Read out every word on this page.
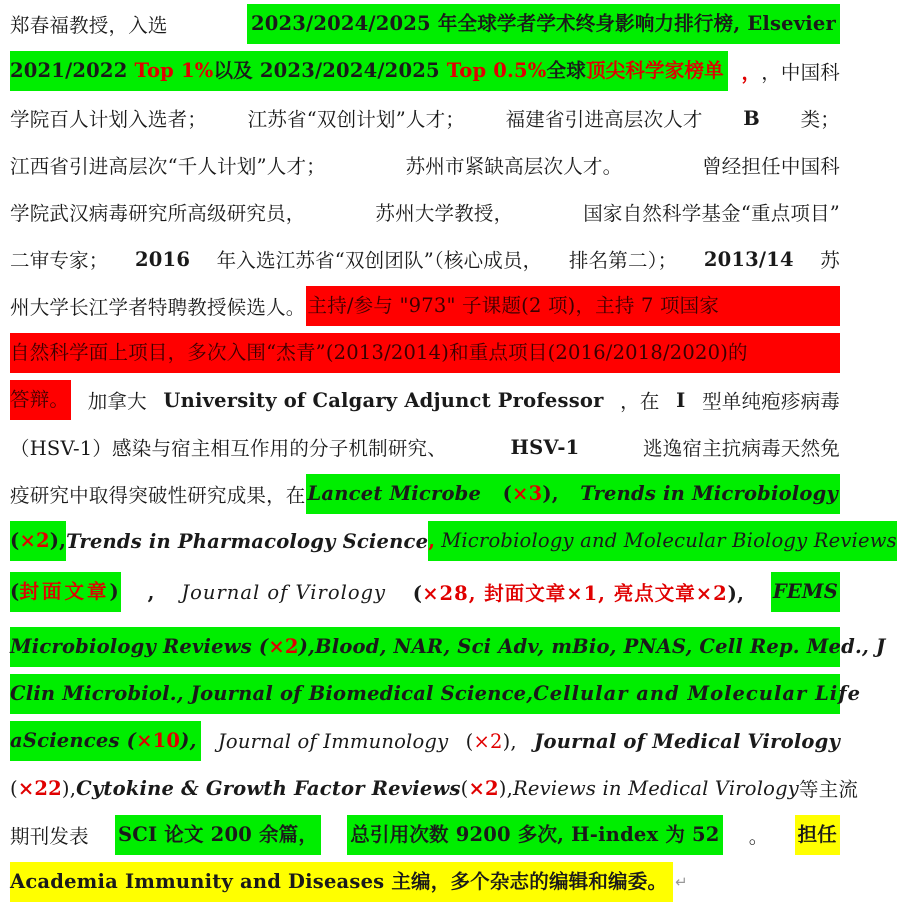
郑春福教授，入选	2023/2024/2025 年全球学者学术终身影响力排行榜, Elsevier
2021/2022 Top 1%以及 2023/2024/2025 Top 0.5%全球顶尖科学家榜单 ，，中国科
学院百人计划入选者； 江苏省“双创计划”人才； 福建省引进高层次人才 B 类；
江西省引进高层次“千人计划”人才；	苏州市紧缺高层次人才。	曾经担任中国科
学院武汉病毒研究所高级研究员，	苏州大学教授，	国家自然科学基金“重点项目”
二审专家； 2016 年入选江苏省“双创团队”（核心成员， 排名第二）； 2013/14 苏
州大学长江学者特聘教授候选人。 主持/参与 "973" 子课题(2 项)，主持 7 项国家
自然科学面上项目，多次入围“杰青”(2013/2014)和重点项目(2016/2018/2020)的
答辩。 加拿大 University of Calgary Adjunct Professor ，在 I 型单纯疱疹病毒
（HSV-1）感染与宿主相互作用的分子机制研究、	HSV-1	逃逸宿主抗病毒天然免
疫研究中取得突破性研究成果，在 Lancet Microbe (×3), Trends in Microbiology
(×2), Trends in Pharmacology Science , Microbiology and Molecular Biology Reviews
(封面文章) , Journal of Virology (×28, 封面文章×1, 亮点文章×2), FEMS
Microbiology Reviews (×2), Blood, NAR, Sci Adv, mBio, PNAS, Cell Rep. Med., J
Clin Microbiol., Journal of Biomedical Science, Cellular and Molecular Life
aSciences (×10), Journal of Immunology (×2), Journal of Medical Virology
(×22), Cytokine & Growth Factor Reviews (×2), Reviews in Medical Virology 等主流
期刊发表 SCI 论文 200 余篇， 总引用次数 9200 多次, H-index 为 52 。 担任
Academia Immunity and Diseases 主编，多个杂志的编辑和编委。 ↵
